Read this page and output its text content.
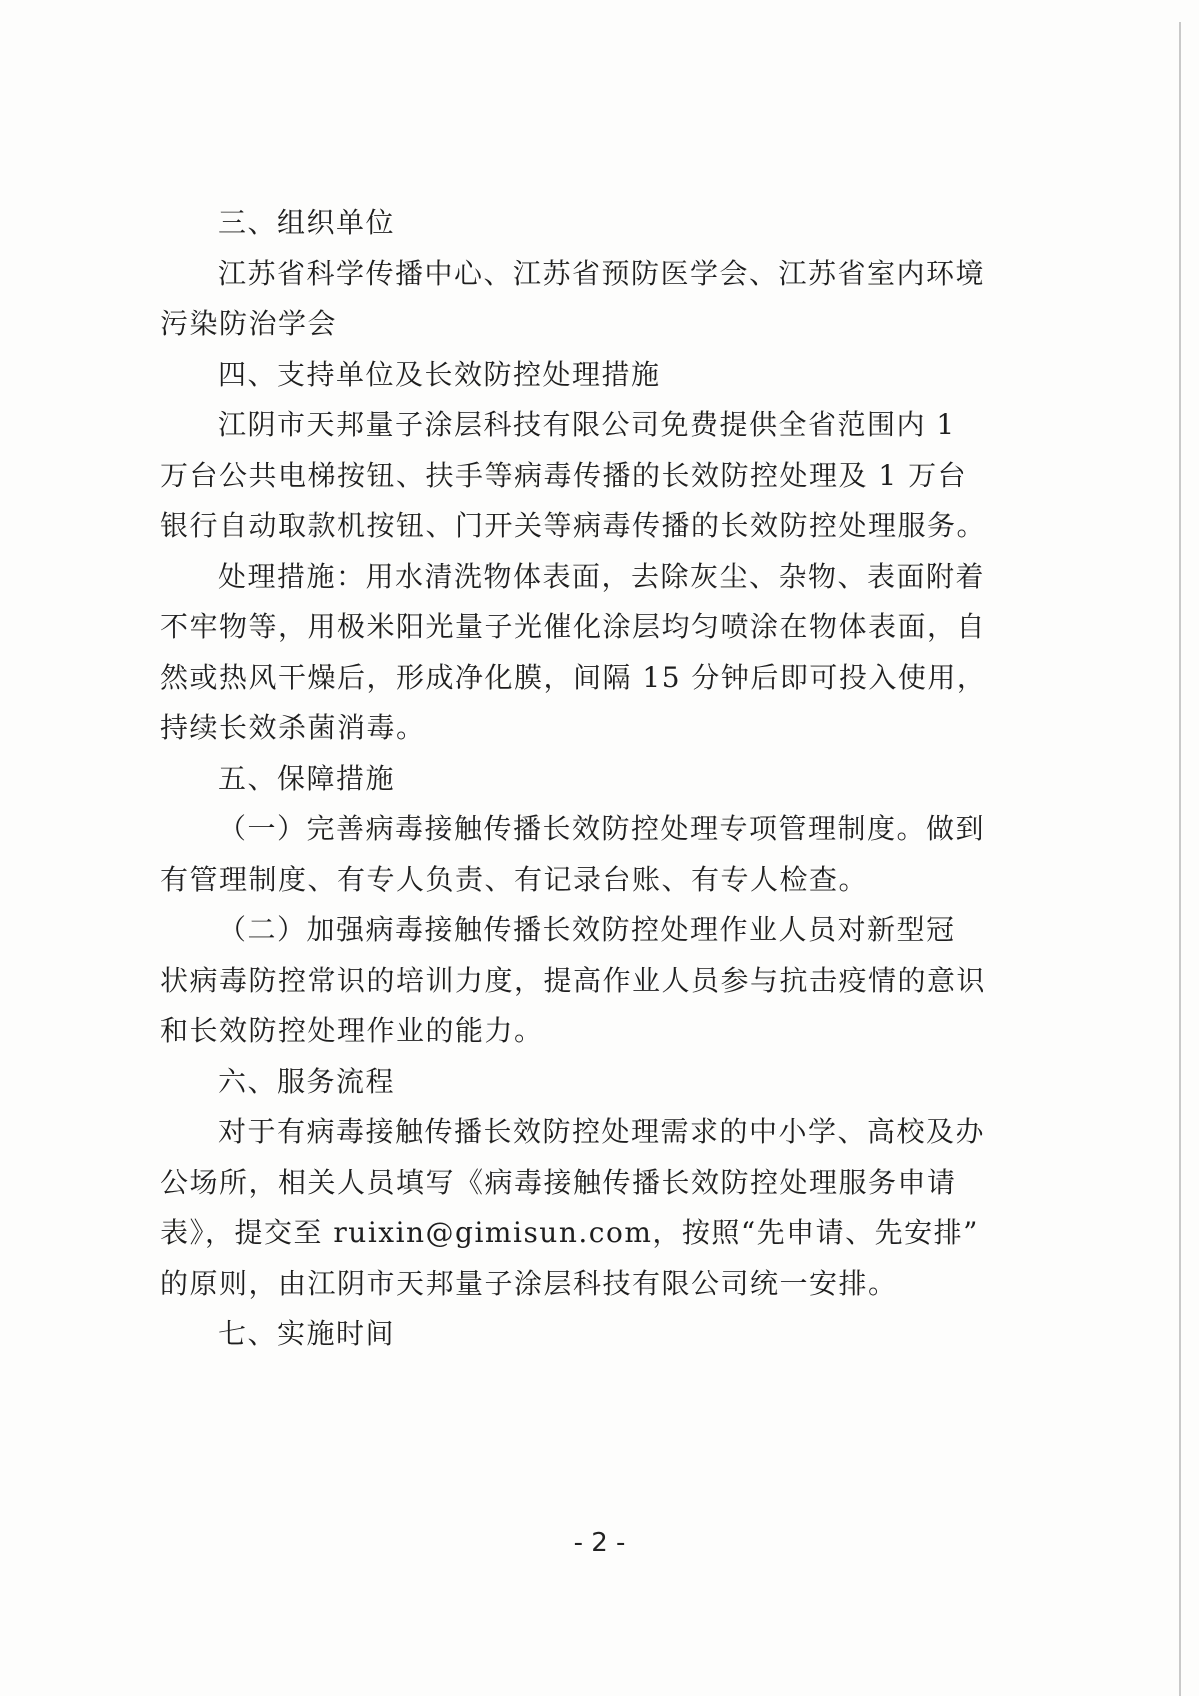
三、组织单位
江苏省科学传播中心、江苏省预防医学会、江苏省室内环境
污染防治学会
四、支持单位及长效防控处理措施
江阴市天邦量子涂层科技有限公司免费提供全省范围内 1
万台公共电梯按钮、扶手等病毒传播的长效防控处理及 1 万台
银行自动取款机按钮、门开关等病毒传播的长效防控处理服务。
处理措施：用水清洗物体表面，去除灰尘、杂物、表面附着
不牢物等，用极米阳光量子光催化涂层均匀喷涂在物体表面，自
然或热风干燥后，形成净化膜，间隔 15 分钟后即可投入使用，
持续长效杀菌消毒。
五、保障措施
（一）完善病毒接触传播长效防控处理专项管理制度。做到
有管理制度、有专人负责、有记录台账、有专人检查。
（二）加强病毒接触传播长效防控处理作业人员对新型冠
状病毒防控常识的培训力度，提高作业人员参与抗击疫情的意识
和长效防控处理作业的能力。
六、服务流程
对于有病毒接触传播长效防控处理需求的中小学、高校及办
公场所，相关人员填写《病毒接触传播长效防控处理服务申请
表》，提交至 ruixin@gimisun.com，按照“先申请、先安排”
的原则，由江阴市天邦量子涂层科技有限公司统一安排。
七、实施时间
- 2 -
